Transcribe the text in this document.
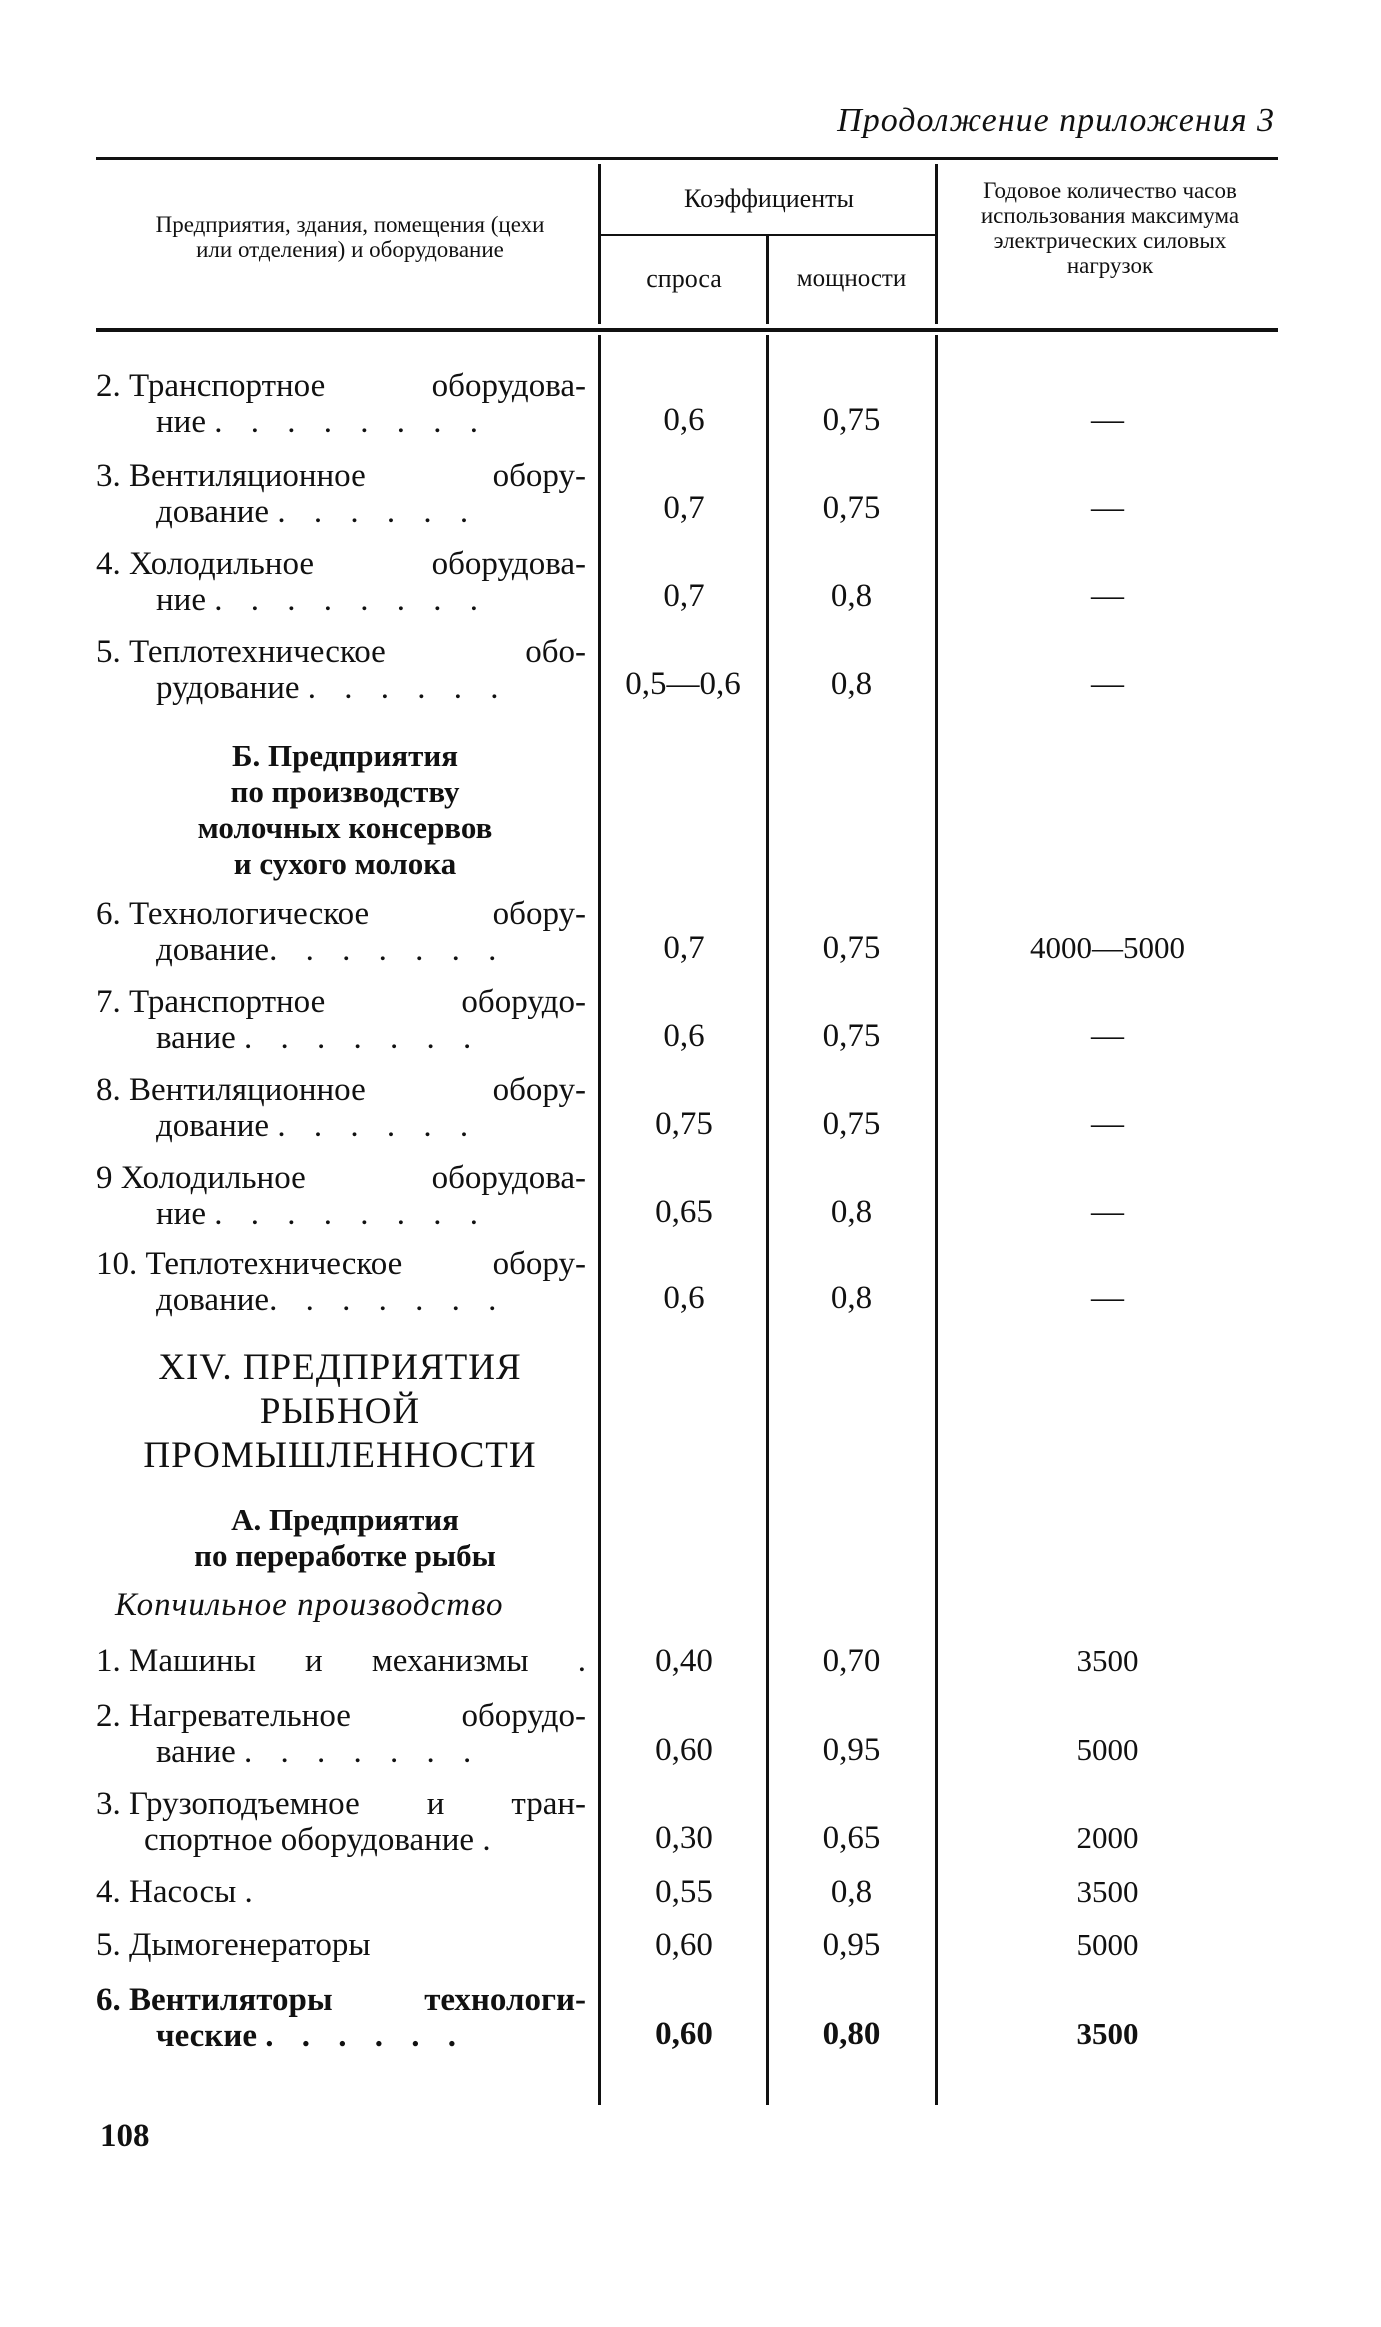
Продолжение приложения 3
Предприятия, здания, помещения (цехи или отделения) и оборудование
Коэффициенты
спроса	мощности
Годовое количество часов использования максимума электрических силовых нагрузок
2.
Транспортное оборудова-
ние . . . . . . . .	0,6	0,75	—
3.
Вентиляционное обору-
дование . . . . . .	0,7	0,75	—
4.
Холодильное оборудова-
ние . . . . . . . .	0,7	0,8	—
5.
Теплотехническое обо-
рудование . . . . . .	0,5—0,6	0,8	—
Б. Предприятия
по производству
молочных консервов
и сухого молока
6.
Технологическое обору-
дование. . . . . . .	0,7	0,75	4000—5000
7.
Транспортное оборудо-
вание . . . . . . .	0,6	0,75	—
8.
Вентиляционное обору-
дование . . . . . .	0,75	0,75	—
9
Холодильное оборудова-
ние . . . . . . . .	0,65	0,8	—
10.
Теплотехническое обору-
дование. . . . . . .	0,6	0,8	—
XIV. ПРЕДПРИЯТИЯ
РЫБНОЙ
ПРОМЫШЛЕННОСТИ
А. Предприятия
по переработке рыбы
Копчильное производство
1.
Машины и механизмы .	0,40	0,70	3500
2.
Нагревательное оборудо-
вание . . . . . . .	0,60	0,95	5000
3.
Грузоподъемное и тран-
спортное оборудование .	0,30	0,65	2000
4. Насосы .	0,55	0,8	3500
5. Дымогенераторы	0,60	0,95	5000
6.
Вентиляторы технологи-
ческие . . . . . .	0,60	0,80	3500
108
